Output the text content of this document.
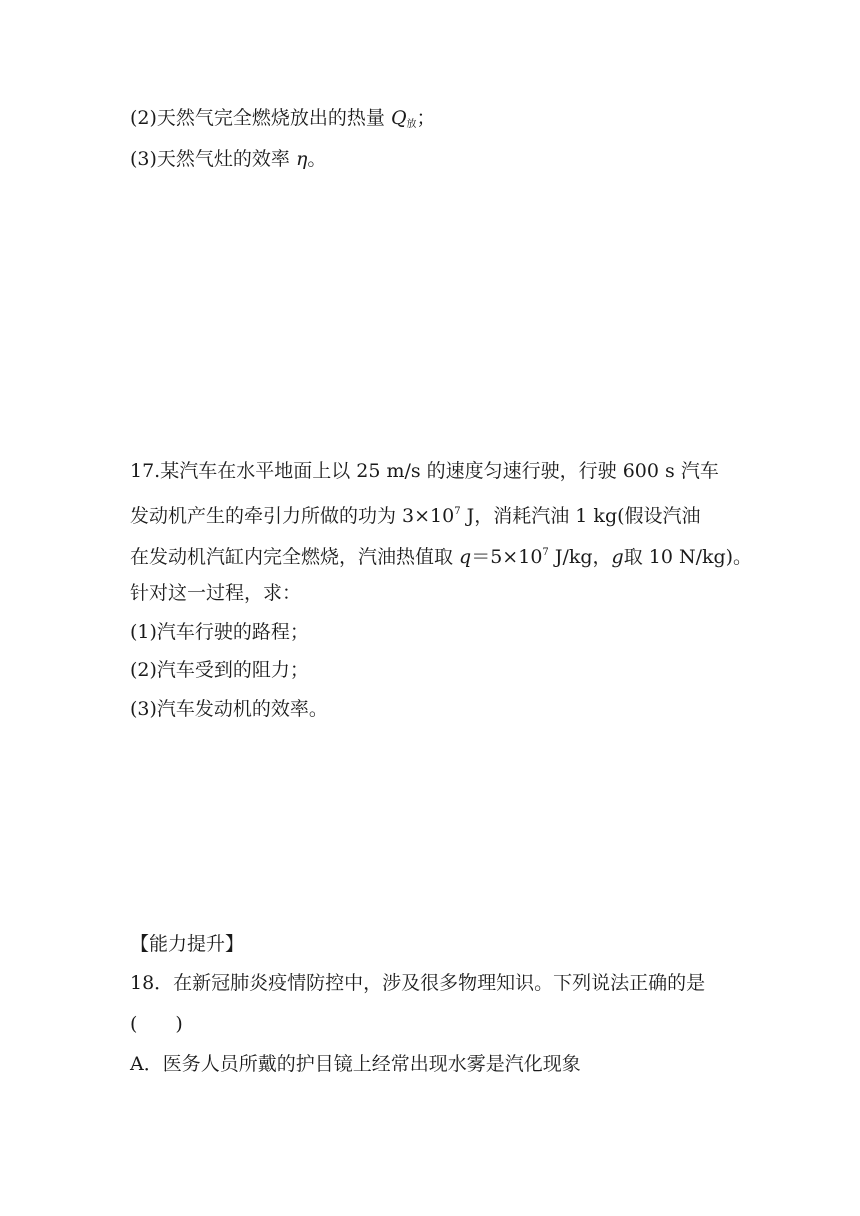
(2)天然气完全燃烧放出的热量 $Q_放$；
(3)天然气灶的效率 η。
17.某汽车在水平地面上以 25 m/s 的速度匀速行驶，行驶 600 s 汽车
发动机产生的牵引力所做的功为 $3\times 10^7$ J，消耗汽油 1 kg(假设汽油
在发动机汽缸内完全燃烧，汽油热值取 $q=5\times 10^7$ J/kg，g取 10 N/kg)。
针对这一过程，求：
(1)汽车行驶的路程；
(2)汽车受到的阻力；
(3)汽车发动机的效率。
【能力提升】
18．在新冠肺炎疫情防控中，涉及很多物理知识。下列说法正确的是
(　　)
A．医务人员所戴的护目镜上经常出现水雾是汽化现象
